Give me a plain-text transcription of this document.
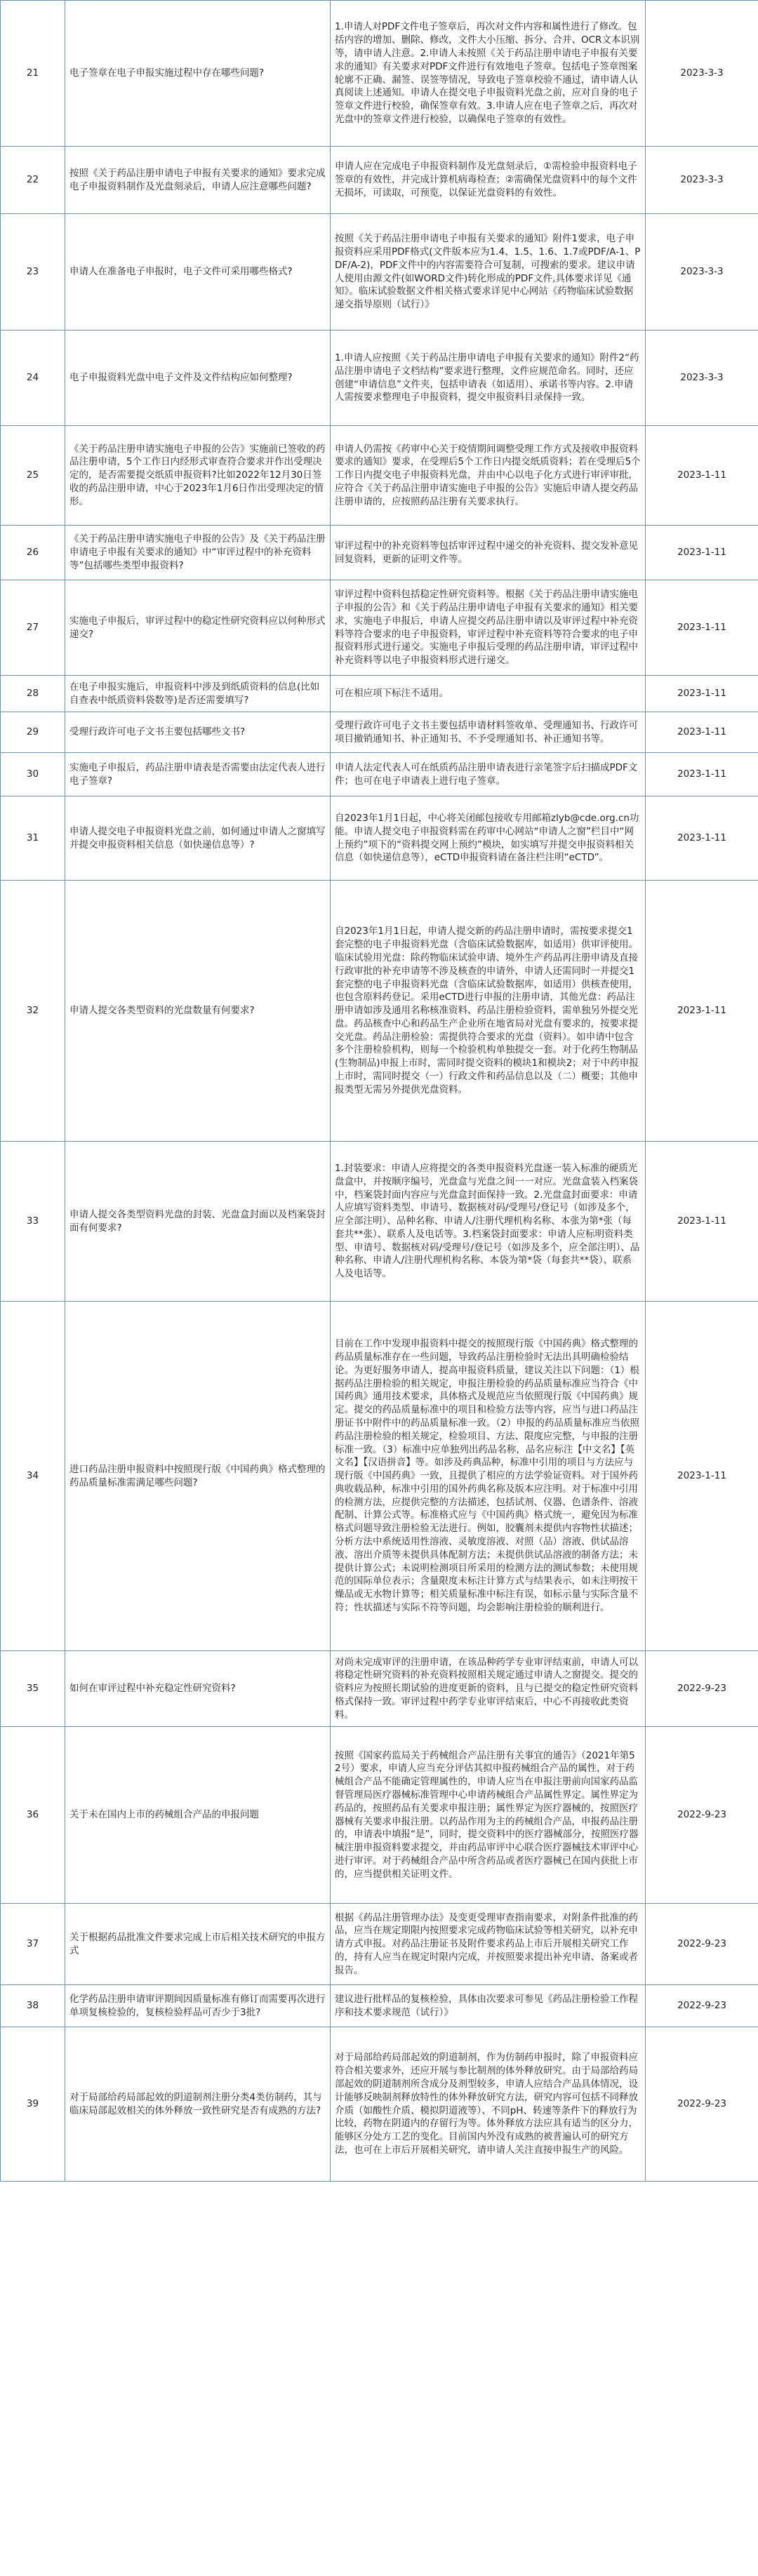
21	电子签章在电子申报实施过程中存在哪些问题?	1.申请人对PDF文件电子签章后，再次对文件内容和属性进行了修改。包括内容的增加、删除、修改，文件大小压缩、拆分、合并、OCR文本识别等，请申请人注意。2.申请人未按照《关于药品注册申请电子申报有关要求的通知》有关要求对PDF文件进行有效地电子签章。包括电子签章图案轮廓不正确、漏签、误签等情况，导致电子签章校验不通过，请申请人认真阅读上述通知。申请人在提交电子申报资料光盘之前，应对自身的电子签章文件进行校验，确保签章有效。3.申请人应在电子签章之后，再次对光盘中的签章文件进行校验，以确保电子签章的有效性。	2023-3-3
22	按照《关于药品注册申请电子申报有关要求的通知》要求完成电子申报资料制作及光盘刻录后，申请人应注意哪些问题?	申请人应在完成电子申报资料制作及光盘刻录后，①需检验申报资料电子签章的有效性，并完成计算机病毒检查；②需确保光盘资料中的每个文件无损坏，可读取，可预览，以保证光盘资料的有效性。	2023-3-3
23	申请人在准备电子申报时，电子文件可采用哪些格式?	按照《关于药品注册申请电子申报有关要求的通知》附件1要求，电子申报资料应采用PDF格式(文件版本应为1.4、1.5、1.6、1.7或PDF/A-1、PDF/A-2)，PDF文件中的内容需要符合可复制，可搜索的要求。建议申请人使用由源文件(如WORD文件)转化形成的PDF文件,具体要求详见《通知》。临床试验数据文件相关格式要求详见中心网站《药物临床试验数据递交指导原则（试行）》	2023-3-3
24	电子申报资料光盘中电子文件及文件结构应如何整理?	1.申请人应按照《关于药品注册申请电子申报有关要求的通知》附件2“药品注册申请电子文档结构”要求进行整理，文件应规范命名。同时，还应创建“申请信息”文件夹，包括申请表（如适用）、承诺书等内容。2.申请人需按要求整理电子申报资料，提交申报资料目录保持一致。	2023-3-3
25	《关于药品注册申请实施电子申报的公告》实施前已签收的药品注册申请，5个工作日内经形式审查符合要求并作出受理决定的，是否需要提交纸质申报资料?比如2022年12月30日签收的药品注册申请，中心于2023年1月6日作出受理决定的情形。	申请人仍需按《药审中心关于疫情期间调整受理工作方式及接收申报资料要求的通知》要求，在受理后5个工作日内提交纸质资料；若在受理后5个工作日内提交电子申报资料光盘，并由中心以电子化方式进行审评审批，应符合《关于药品注册申请实施电子申报的公告》实施后申请人提交药品注册申请的，应按照药品注册有关要求执行。	2023-1-11
26	《关于药品注册申请实施电子申报的公告》及《关于药品注册申请电子申报有关要求的通知》中“审评过程中的补充资料等”包括哪些类型申报资料?	审评过程中的补充资料等包括审评过程中递交的补充资料、提交发补意见回复资料，更新的证明文件等。	2023-1-11
27	实施电子申报后，审评过程中的稳定性研究资料应以何种形式递交?	审评过程中资料包括稳定性研究资料等。根据《关于药品注册申请实施电子申报的公告》和《关于药品注册申请电子申报有关要求的通知》相关要求，实施电子申报后，申请人应提交药品注册申请以及审评过程中补充资料等符合要求的电子申报资料，审评过程中补充资料等符合要求的电子申报资料形式进行递交。实施电子申报后受理的药品注册申请，审评过程中补充资料等以电子申报资料形式进行递交。	2023-1-11
28	在电子申报实施后，申报资料中涉及到纸质资料的信息(比如自查表中纸质资料袋数等)是否还需要填写?	可在相应项下标注不适用。	2023-1-11
29	受理行政许可电子文书主要包括哪些文书?	受理行政许可电子文书主要包括申请材料签收单、受理通知书、行政许可项目撤销通知书、补正通知书、不予受理通知书、补正通知书等。	2023-1-11
30	实施电子申报后，药品注册申请表是否需要由法定代表人进行电子签章?	申请人法定代表人可在纸质药品注册申请表进行亲笔签字后扫描成PDF文件；也可在电子申请表上进行电子签章。	2023-1-11
31	申请人提交电子申报资料光盘之前，如何通过申请人之窗填写并提交申报资料相关信息（如快递信息等）?	自2023年1月1日起，中心将关闭邮包接收专用邮箱zlyb@cde.org.cn功能。申请人提交电子申报资料需在药审中心网站“申请人之窗”栏目中“网上预约”项下的“资料提交网上预约”模块，如实填写并提交申报资料相关信息（如快递信息等），eCTD申报资料请在备注栏注明“eCTD”。	2023-1-11
32	申请人提交各类型资料的光盘数量有何要求?	自2023年1月1日起，申请人提交新的药品注册申请时，需按要求提交1套完整的电子申报资料光盘（含临床试验数据库，如适用）供审评使用。临床试验用光盘：除药物临床试验申请、境外生产药品再注册申请及直接行政审批的补充申请等不涉及核查的申请外，申请人还需同时一并提交1套完整的电子申报资料光盘（含临床试验数据库，如适用）供核查使用，也包含原料药登记。采用eCTD进行申报的注册申请，其他光盘：药品注册申请如涉及通用名称核准资料、药品注册检验资料，需单独另外提交光盘。药品核查中心和药品生产企业所在地省局对光盘有要求的，按要求提交光盘。药品注册检验：需提供符合要求的光盘（资料）。如申请中包含多个注册检验机构，则每一个检验机构单独提交一套。对于化药生物制品(生物制品)申报上市时，需同时提交资料的模块1和模块2；对于中药申报上市时，需同时提交（一）行政文件和药品信息以及（二）概要；其他申报类型无需另外提供光盘资料。	2023-1-11
33	申请人提交各类型资料光盘的封装、光盘盒封面以及档案袋封面有何要求?	1.封装要求：申请人应将提交的各类申报资料光盘逐一装入标准的硬质光盘盒中，并按顺序编号，光盘盒与光盘之间一一对应。光盘盒装入档案袋中，档案袋封面内容应与光盘盒封面保持一致。2.光盘盒封面要求：申请人应填写资料类型、申请号、数据核对码/受理号/登记号（如涉及多个，应全部注明）、品种名称、申请人/注册代理机构名称、本张为第*张（每套共**张）、联系人及电话等。3.档案袋封面要求：申请人应标明资料类型、申请号、数据核对码/受理号/登记号（如涉及多个，应全部注明）、品种名称、申请人/注册代理机构名称、本袋为第*袋（每套共**袋）、联系人及电话等。	2023-1-11
34	进口药品注册申报资料中按照现行版《中国药典》格式整理的药品质量标准需满足哪些问题?	目前在工作中发现申报资料中提交的按照现行版《中国药典》格式整理的药品质量标准存在一些问题，导致药品注册检验时无法出具明确检验结论。为更好服务申请人，提高申报资料质量，建议关注以下问题：（1）根据药品注册检验的相关规定，申报注册检验的药品质量标准应当符合《中国药典》通用技术要求，具体格式及规范应当依照现行版《中国药典》规定。提交的药品质量标准中的项目和检验方法等内容，应当与进口药品注册证书中附件中的药品质量标准一致。（2）申报的药品质量标准应当依照药品注册检验的相关规定，检验项目、方法、限度应完整，与申报的注册标准一致。（3）标准中应单独列出药品名称，品名应标注【中文名】【英文名】【汉语拼音】等。如涉及药典品种，标准中引用的项目与方法应与现行版《中国药典》一致，且提供了相应的方法学验证资料。对于国外药典收载品种，标准中引用的国外药典名称及版本应注明。对于标准中引用的检测方法，应提供完整的方法描述，包括试剂、仪器、色谱条件、溶液配制、计算公式等。标准格式应与《中国药典》格式统一，避免因为标准格式问题导致注册检验无法进行。例如，胶囊剂未提供内容物性状描述；分析方法中系统适用性溶液、灵敏度溶液、对照（品）溶液、供试品溶液、溶出介质等未提供具体配制方法；未提供供试品溶液的制备方法；未提供计算公式；未说明检测项目所采用的检测方法的测试参数；未使用规范的国际单位表示；含量限度未标注计算方式与结果表示，如未注明按干燥品或无水物计算等；相关质量标准中标注有误，如标示量与实际含量不符；性状描述与实际不符等问题，均会影响注册检验的顺利进行。	2023-1-11
35	如何在审评过程中补充稳定性研究资料?	对尚未完成审评的注册申请，在该品种药学专业审评结束前，申请人可以将稳定性研究资料的补充资料按照相关规定通过申请人之窗提交。提交的资料应为按照长期试验的进度更新的资料，且与已提交的稳定性研究资料格式保持一致。审评过程中药学专业审评结束后，中心不再接收此类资料。	2022-9-23
36	关于未在国内上市的药械组合产品的申报问题	按照《国家药监局关于药械组合产品注册有关事宜的通告》（2021年第52号）要求，申请人应当充分评估其拟申报药械组合产品的属性，对于药械组合产品不能确定管理属性的，申请人应当在申报注册前向国家药品监督管理局医疗器械标准管理中心申请药械组合产品属性界定。属性界定为药品的，按照药品有关要求申报注册；属性界定为医疗器械的，按照医疗器械有关要求申报注册。以药品作用为主的药械组合产品，申报药品注册的，申请表中填报“是”，同时，提交资料中的医疗器械部分，按照医疗器械注册申报资料要求提交，并由药品审评中心联合医疗器械技术审评中心进行审评。对于药械组合产品中所含药品或者医疗器械已在国内获批上市的，应当提供相关证明文件。	2022-9-23
37	关于根据药品批准文件要求完成上市后相关技术研究的申报方式	根据《药品注册管理办法》及变更受理审查指南要求，对附条件批准的药品，应当在规定期限内按照要求完成药物临床试验等相关研究，以补充申请方式申报。对药品注册证书及附件要求药品上市后开展相关研究工作的，持有人应当在规定时限内完成，并按照要求提出补充申请、备案或者报告。	2022-9-23
38	化学药品注册申请审评期间因质量标准有修订而需要再次进行单项复核检验的，复核检验样品可否少于3批?	建议进行批样品的复核检验，具体由次要求可参见《药品注册检验工作程序和技术要求规范（试行）》	2022-9-23
39	对于局部给药局部起效的阴道制剂注册分类4类仿制药，其与临床局部起效相关的体外释放一致性研究是否有成熟的方法?	对于局部给药局部起效的阴道制剂，作为仿制药申报时，除了申报资料应符合相关要求外，还应开展与参比制剂的体外释放研究。由于局部给药局部起效的阴道制剂所含成分及剂型较多，申请人应结合产品具体情况，设计能够反映制剂释放特性的体外释放研究方法，研究内容可包括不同释放介质（如酸性介质、模拟阴道液等）、不同pH、转速等条件下的释放行为比较，药物在阴道内的存留行为等。体外释放方法应具有适当的区分力，能够区分处方工艺的变化。目前国内外没有成熟的被普遍认可的研究方法，也可在上市后开展相关研究，请申请人关注直接申报生产的风险。	2022-9-23
